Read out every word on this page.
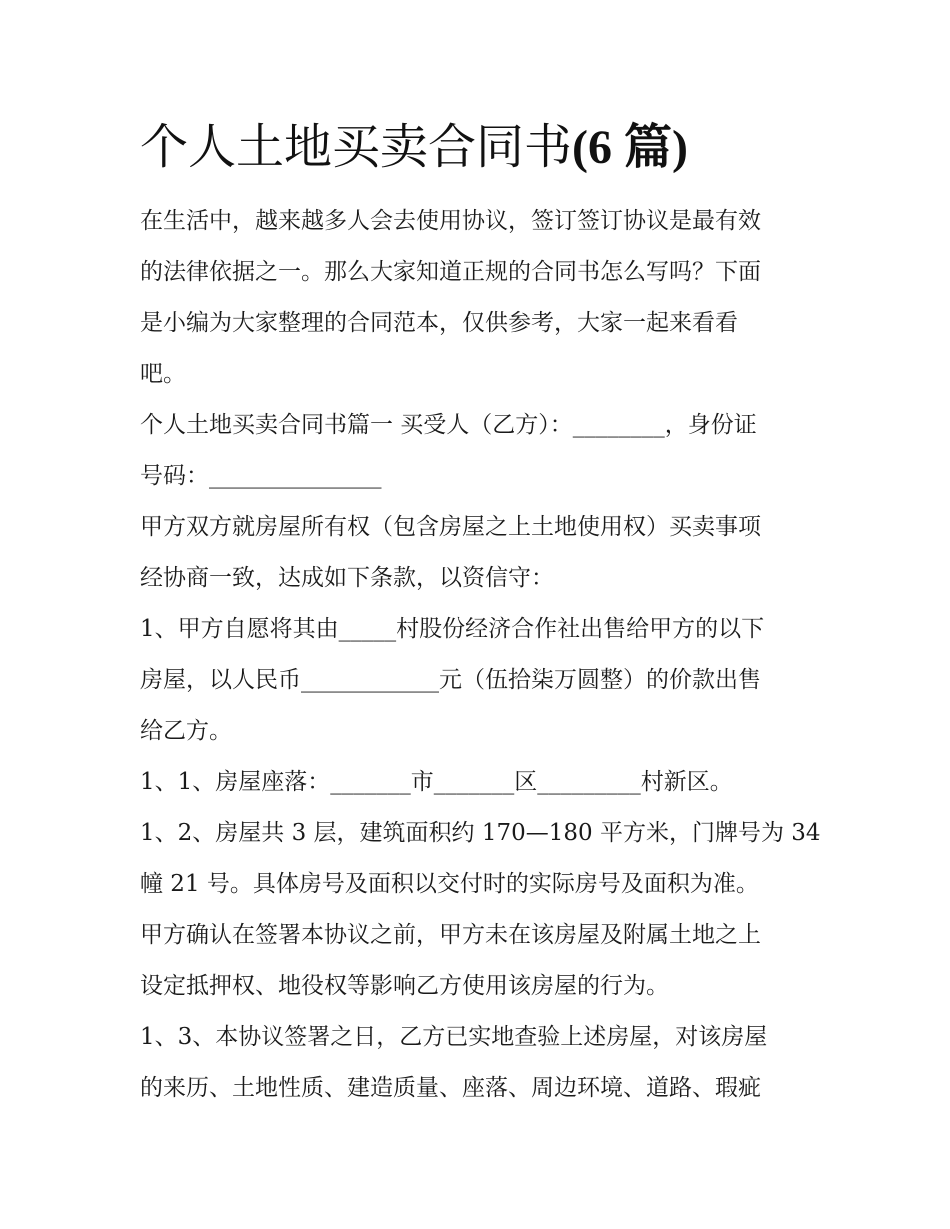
个人土地买卖合同书(6 篇)

在生活中，越来越多人会去使用协议，签订签订协议是最有效
的法律依据之一。那么大家知道正规的合同书怎么写吗？下面
是小编为大家整理的合同范本，仅供参考，大家一起来看看
吧。

个人土地买卖合同书篇一 买受人（乙方）：________，身份证
号码：_______________

甲方双方就房屋所有权（包含房屋之上土地使用权）买卖事项
经协商一致，达成如下条款，以资信守：

1、甲方自愿将其由_____村股份经济合作社出售给甲方的以下
房屋，以人民币____________元（伍拾柒万圆整）的价款出售
给乙方。

1、1、房屋座落：_______市_______区_________村新区。

1、2、房屋共 3 层，建筑面积约 170—180 平方米，门牌号为 34
幢 21 号。具体房号及面积以交付时的实际房号及面积为准。

甲方确认在签署本协议之前，甲方未在该房屋及附属土地之上
设定抵押权、地役权等影响乙方使用该房屋的行为。

1、3、本协议签署之日，乙方已实地查验上述房屋，对该房屋
的来历、土地性质、建造质量、座落、周边环境、道路、瑕疵
